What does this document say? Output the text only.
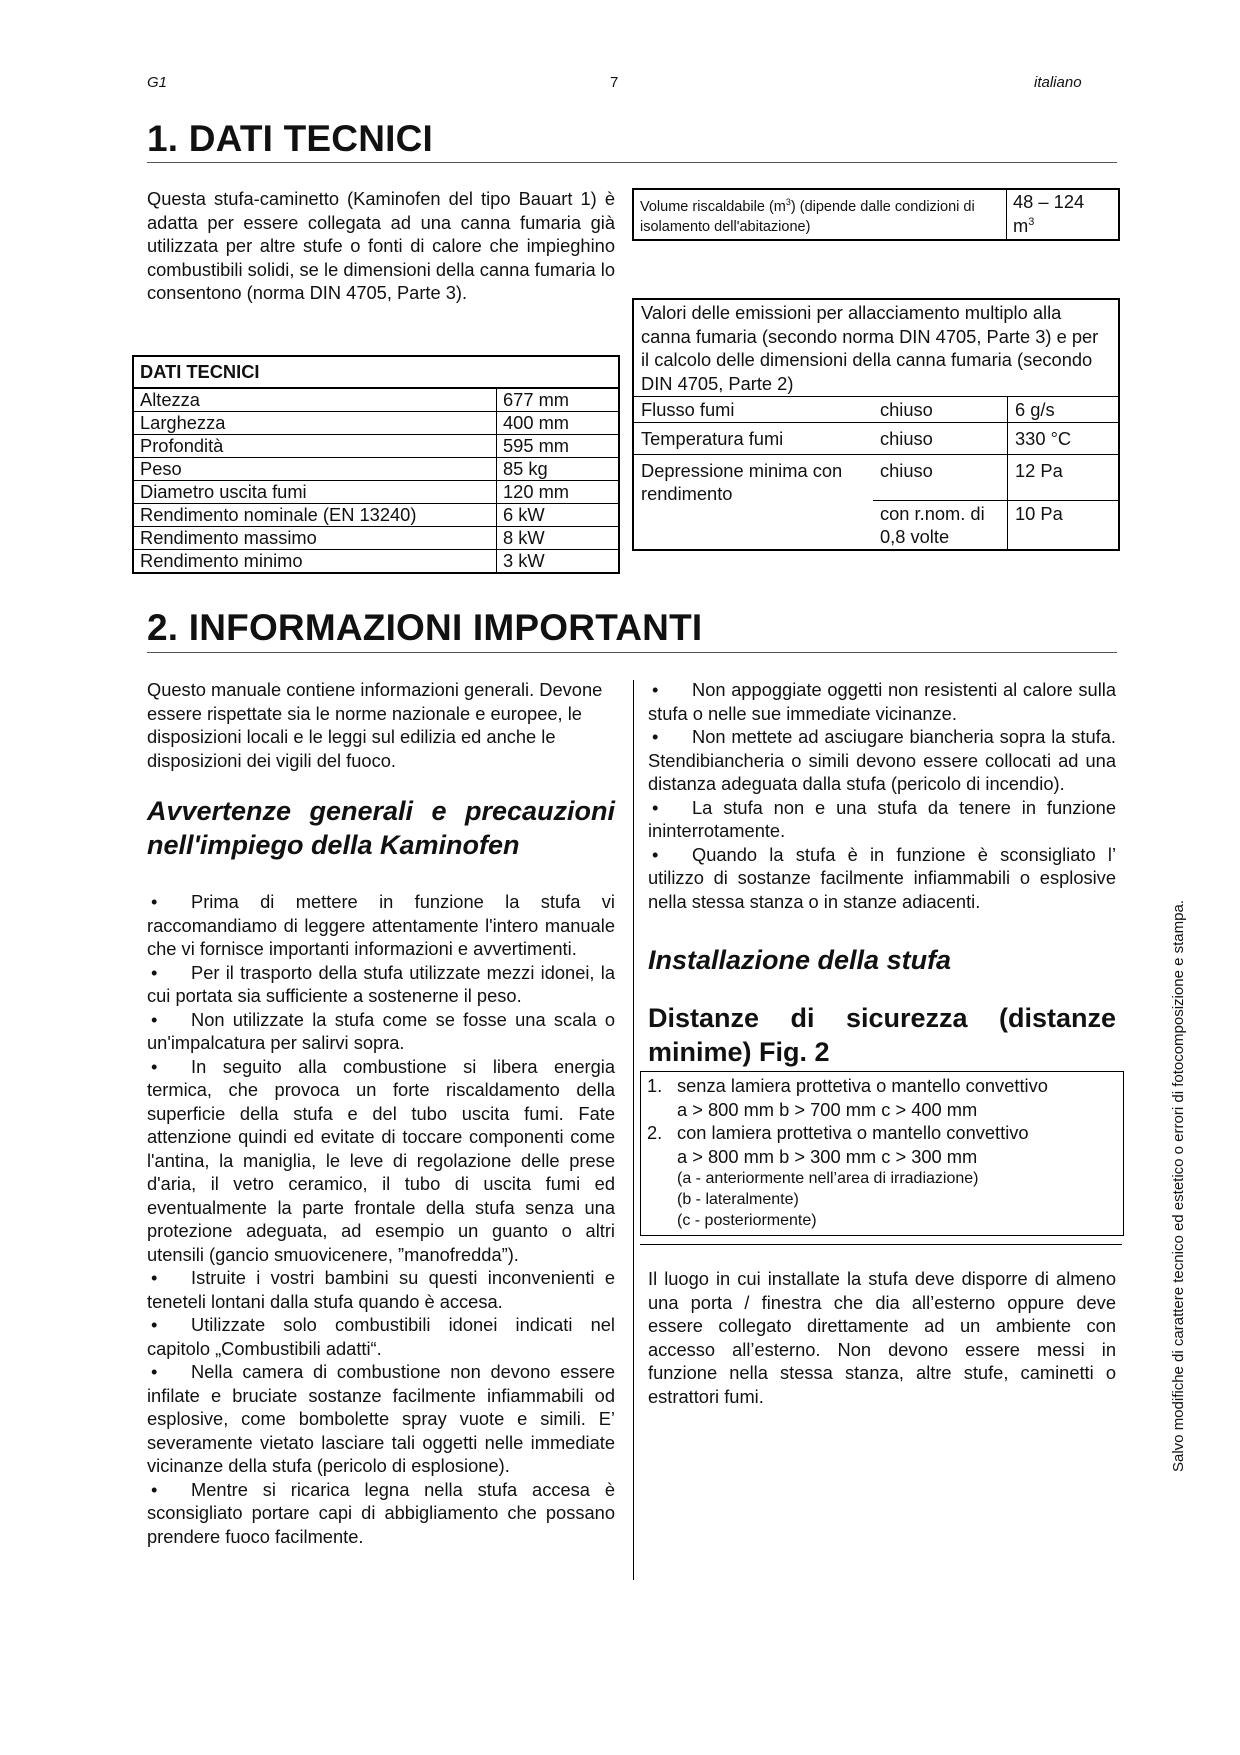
G1	7	italiano
1. DATI TECNICI
Questa stufa-caminetto (Kaminofen del tipo Bauart 1) è adatta per essere collegata ad una canna fumaria già utilizzata per altre stufe o fonti di calore che impieghino combustibili solidi, se le dimensioni della canna fumaria lo consentono (norma DIN 4705, Parte 3).
DATI TECNICI	
Altezza	677 mm
Larghezza	400 mm
Profondità	595 mm
Peso	85 kg
Diametro uscita fumi	120 mm
Rendimento nominale (EN 13240)	6 kW
Rendimento massimo	8 kW
Rendimento minimo	3 kW
Volume riscaldabile $(m^3)$ (dipende dalle condizioni di isolamento dell'abitazione)	48 – 124
$m^3$
Valori delle emissioni per allacciamento multiplo alla canna fumaria (secondo norma DIN 4705, Parte 3) e per il calcolo delle dimensioni della canna fumaria (secondo DIN 4705, Parte 2)		
Flusso fumi	chiuso	6 g/s
Temperatura fumi	chiuso	330 °C
Depressione minima con rendimento	chiuso	12 Pa
	con r.nom. di 0,8 volte	10 Pa
2. INFORMAZIONI IMPORTANTI

Questo manuale contiene informazioni generali. Devone essere rispettate sia le norme nazionale e europee, le disposizioni locali e le leggi sul edilizia ed anche le disposizioni dei vigili del fuoco.

Avvertenze generali e precauzioni nell'impiego della Kaminofen
• Prima di mettere in funzione la stufa vi raccomandiamo di leggere attentamente l'intero manuale che vi fornisce importanti informazioni e avvertimenti.
• Per il trasporto della stufa utilizzate mezzi idonei, la cui portata sia sufficiente a sostenerne il peso.
• Non utilizzate la stufa come se fosse una scala o un'impalcatura per salirvi sopra.
• In seguito alla combustione si libera energia termica, che provoca un forte riscaldamento della superficie della stufa e del tubo uscita fumi. Fate attenzione quindi ed evitate di toccare componenti come l'antina, la maniglia, le leve di regolazione delle prese d'aria, il vetro ceramico, il tubo di uscita fumi ed eventualmente la parte frontale della stufa senza una protezione adeguata, ad esempio un guanto o altri utensili (gancio smuovicenere, ”manofredda”).
• Istruite i vostri bambini su questi inconvenienti e teneteli lontani dalla stufa quando è accesa.
• Utilizzate solo combustibili idonei indicati nel capitolo „Combustibili adatti“.
• Nella camera di combustione non devono essere infilate e bruciate sostanze facilmente infiammabili od esplosive, come bombolette spray vuote e simili. E’ severamente vietato lasciare tali oggetti nelle immediate vicinanze della stufa (pericolo di esplosione).
• Mentre si ricarica legna nella stufa accesa è sconsigliato portare capi di abbigliamento che possano prendere fuoco facilmente.
• Non appoggiate oggetti non resistenti al calore sulla stufa o nelle sue immediate vicinanze.
• Non mettete ad asciugare biancheria sopra la stufa. Stendibiancheria o simili devono essere collocati ad una distanza adeguata dalla stufa (pericolo di incendio).
• La stufa non e una stufa da tenere in funzione ininterrotamente.
• Quando la stufa è in funzione è sconsigliato l’ utilizzo di sostanze facilmente infiammabili o esplosive nella stessa stanza o in stanze adiacenti.
Installazione della stufa
Distanze di sicurezza (distanze minime) Fig. 2
1. senza lamiera prottetiva o mantello convettivo
a > 800 mm b > 700 mm c > 400 mm
2. con lamiera prottetiva o mantello convettivo
a > 800 mm b > 300 mm c > 300 mm
(a - anteriormente nell’area di irradiazione)
(b - lateralmente)
(c - posteriormente)

Il luogo in cui installate la stufa deve disporre di almeno una porta / finestra che dia all’esterno oppure deve essere collegato direttamente ad un ambiente con accesso all’esterno. Non devono essere messi in funzione nella stessa stanza, altre stufe, caminetti o estrattori fumi.	Salvo modifiche di carattere tecnico ed estetico o errori di fotocomposizione e stampa.
